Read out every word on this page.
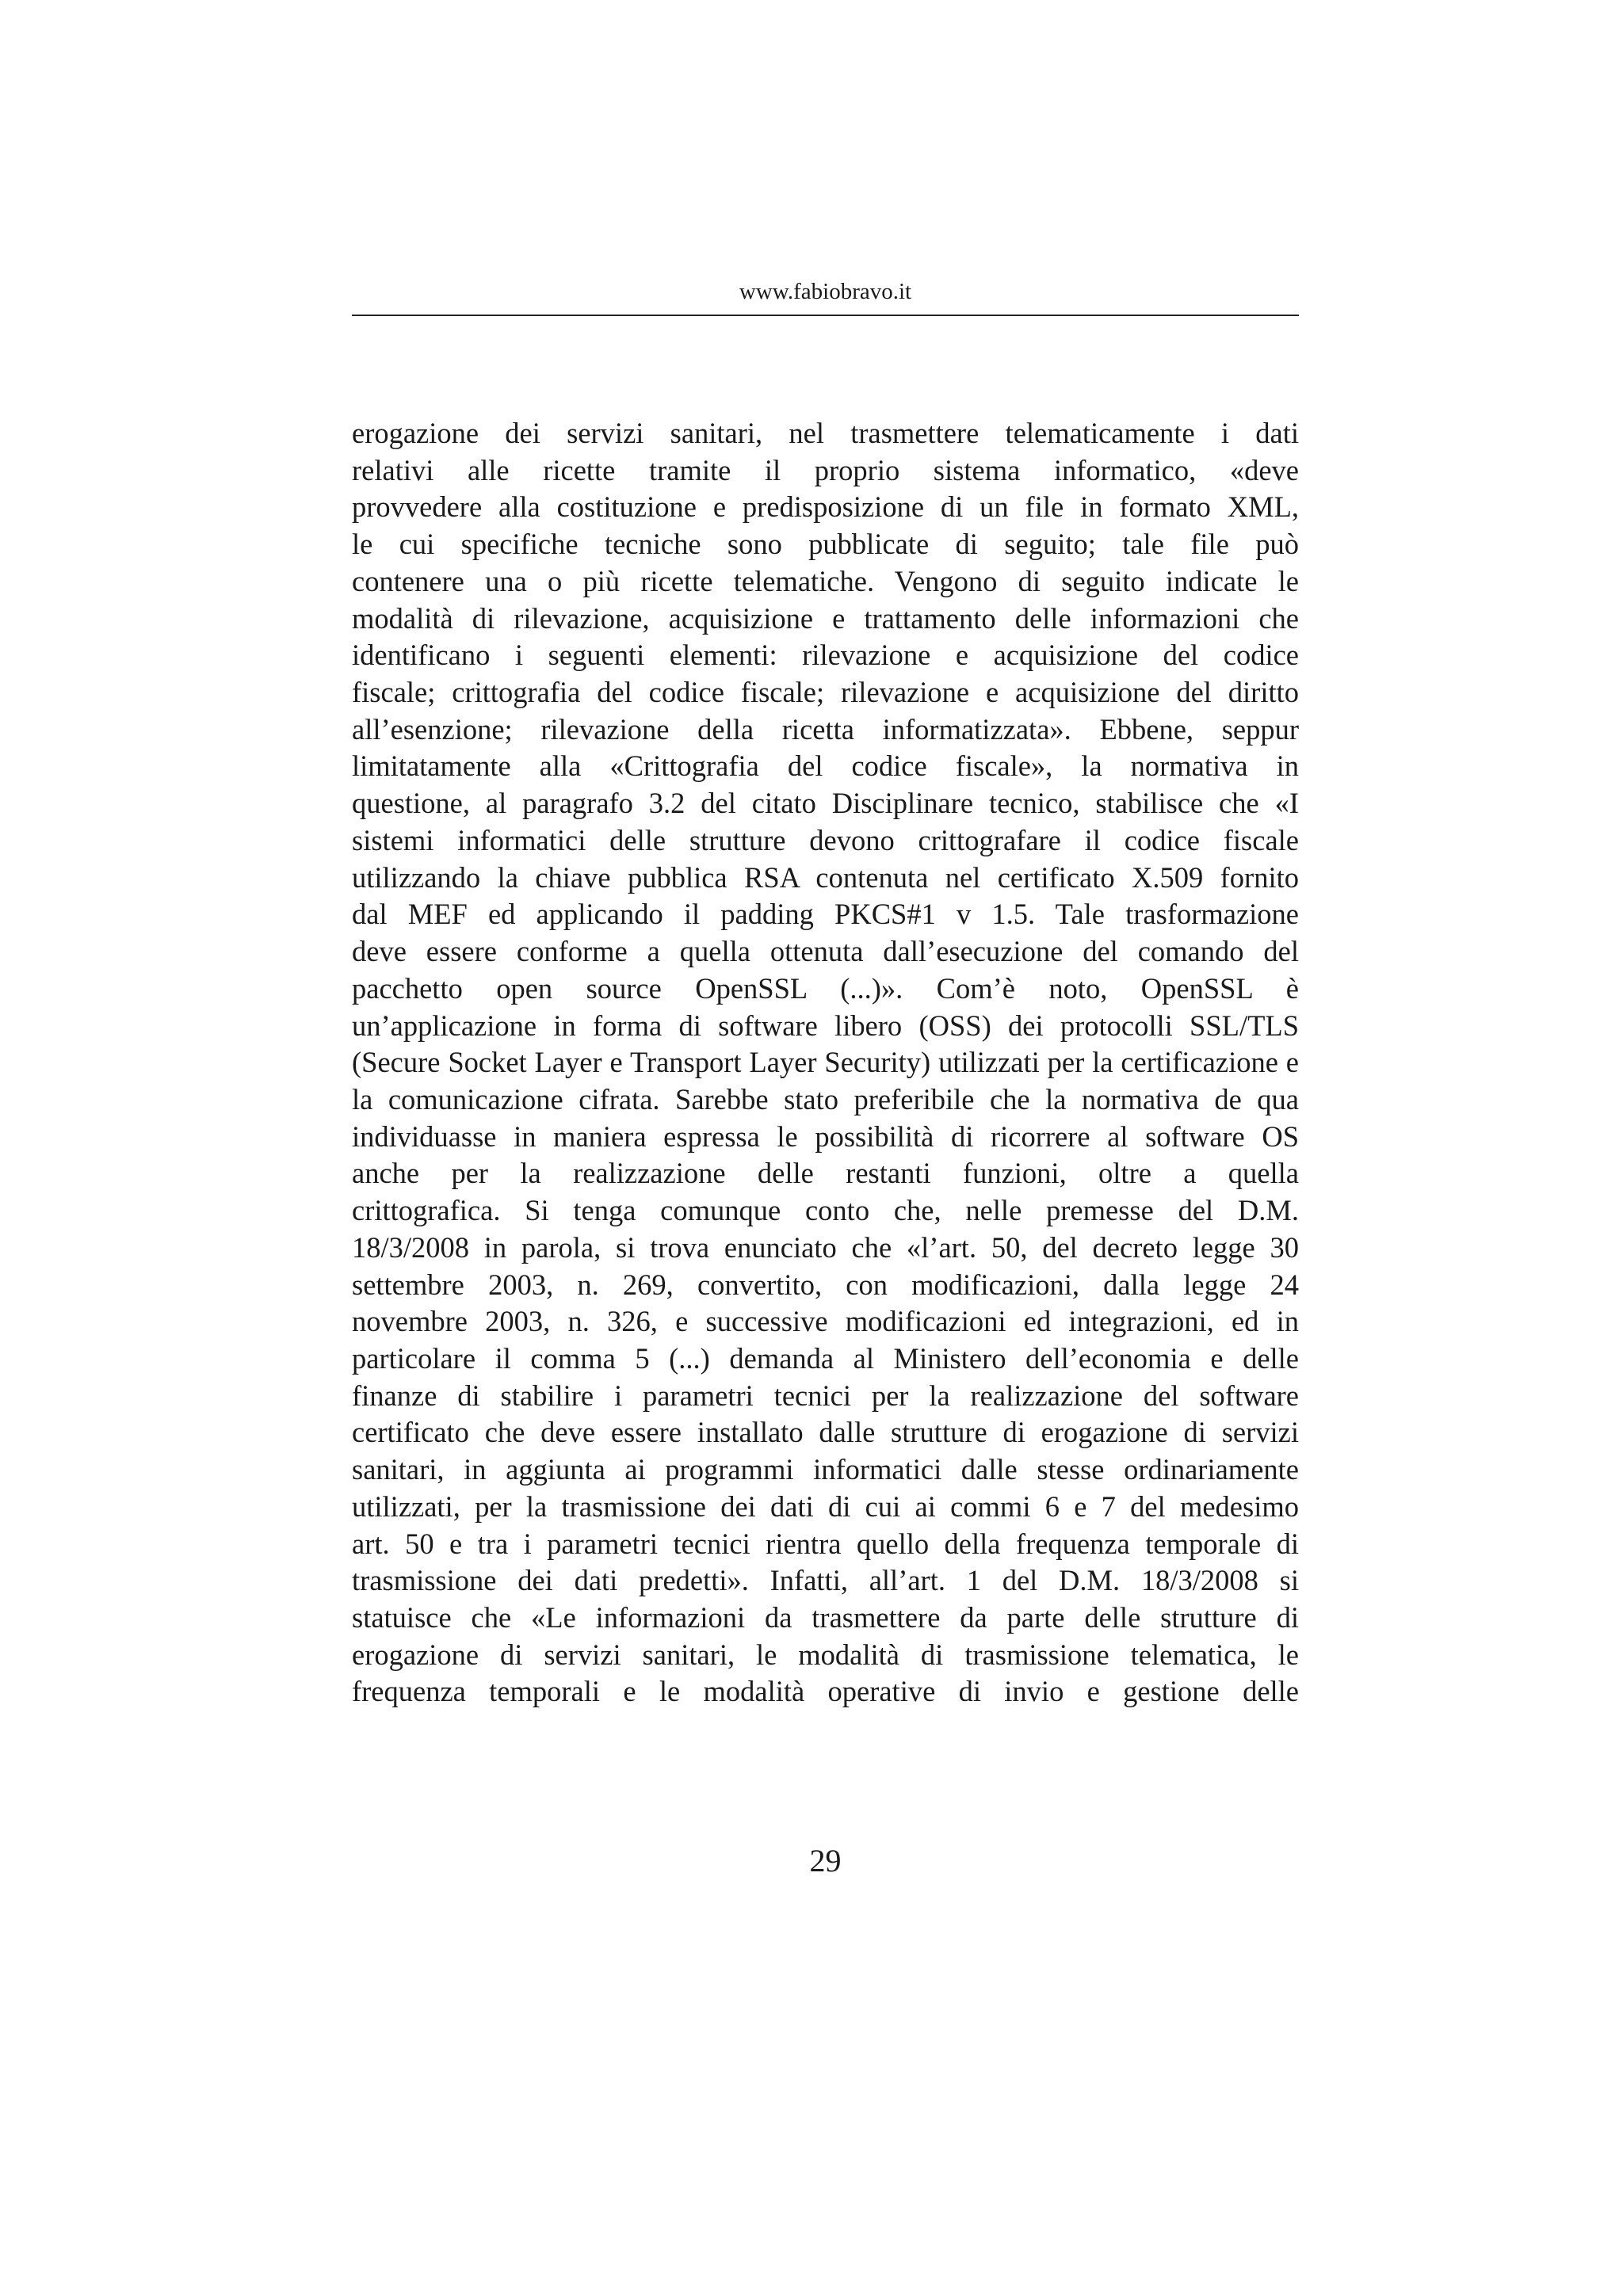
www.fabiobravo.it
erogazione dei servizi sanitari, nel trasmettere telematicamente i dati
relativi alle ricette tramite il proprio sistema informatico, «deve
provvedere alla costituzione e predisposizione di un file in formato XML,
le cui specifiche tecniche sono pubblicate di seguito; tale file può
contenere una o più ricette telematiche. Vengono di seguito indicate le
modalità di rilevazione, acquisizione e trattamento delle informazioni che
identificano i seguenti elementi: rilevazione e acquisizione del codice
fiscale; crittografia del codice fiscale; rilevazione e acquisizione del diritto
all’esenzione; rilevazione della ricetta informatizzata». Ebbene, seppur
limitatamente alla «Crittografia del codice fiscale», la normativa in
questione, al paragrafo 3.2 del citato Disciplinare tecnico, stabilisce che «I
sistemi informatici delle strutture devono crittografare il codice fiscale
utilizzando la chiave pubblica RSA contenuta nel certificato X.509 fornito
dal MEF ed applicando il padding PKCS#1 v 1.5. Tale trasformazione
deve essere conforme a quella ottenuta dall’esecuzione del comando del
pacchetto open source OpenSSL (...)». Com’è noto, OpenSSL è
un’applicazione in forma di software libero (OSS) dei protocolli SSL/TLS
(Secure Socket Layer e Transport Layer Security) utilizzati per la certificazione e
la comunicazione cifrata. Sarebbe stato preferibile che la normativa de qua
individuasse in maniera espressa le possibilità di ricorrere al software OS
anche per la realizzazione delle restanti funzioni, oltre a quella
crittografica. Si tenga comunque conto che, nelle premesse del D.M.
18/3/2008 in parola, si trova enunciato che «l’art. 50, del decreto legge 30
settembre 2003, n. 269, convertito, con modificazioni, dalla legge 24
novembre 2003, n. 326, e successive modificazioni ed integrazioni, ed in
particolare il comma 5 (...) demanda al Ministero dell’economia e delle
finanze di stabilire i parametri tecnici per la realizzazione del software
certificato che deve essere installato dalle strutture di erogazione di servizi
sanitari, in aggiunta ai programmi informatici dalle stesse ordinariamente
utilizzati, per la trasmissione dei dati di cui ai commi 6 e 7 del medesimo
art. 50 e tra i parametri tecnici rientra quello della frequenza temporale di
trasmissione dei dati predetti». Infatti, all’art. 1 del D.M. 18/3/2008 si
statuisce che «Le informazioni da trasmettere da parte delle strutture di
erogazione di servizi sanitari, le modalità di trasmissione telematica, le
frequenza temporali e le modalità operative di invio e gestione delle
29
